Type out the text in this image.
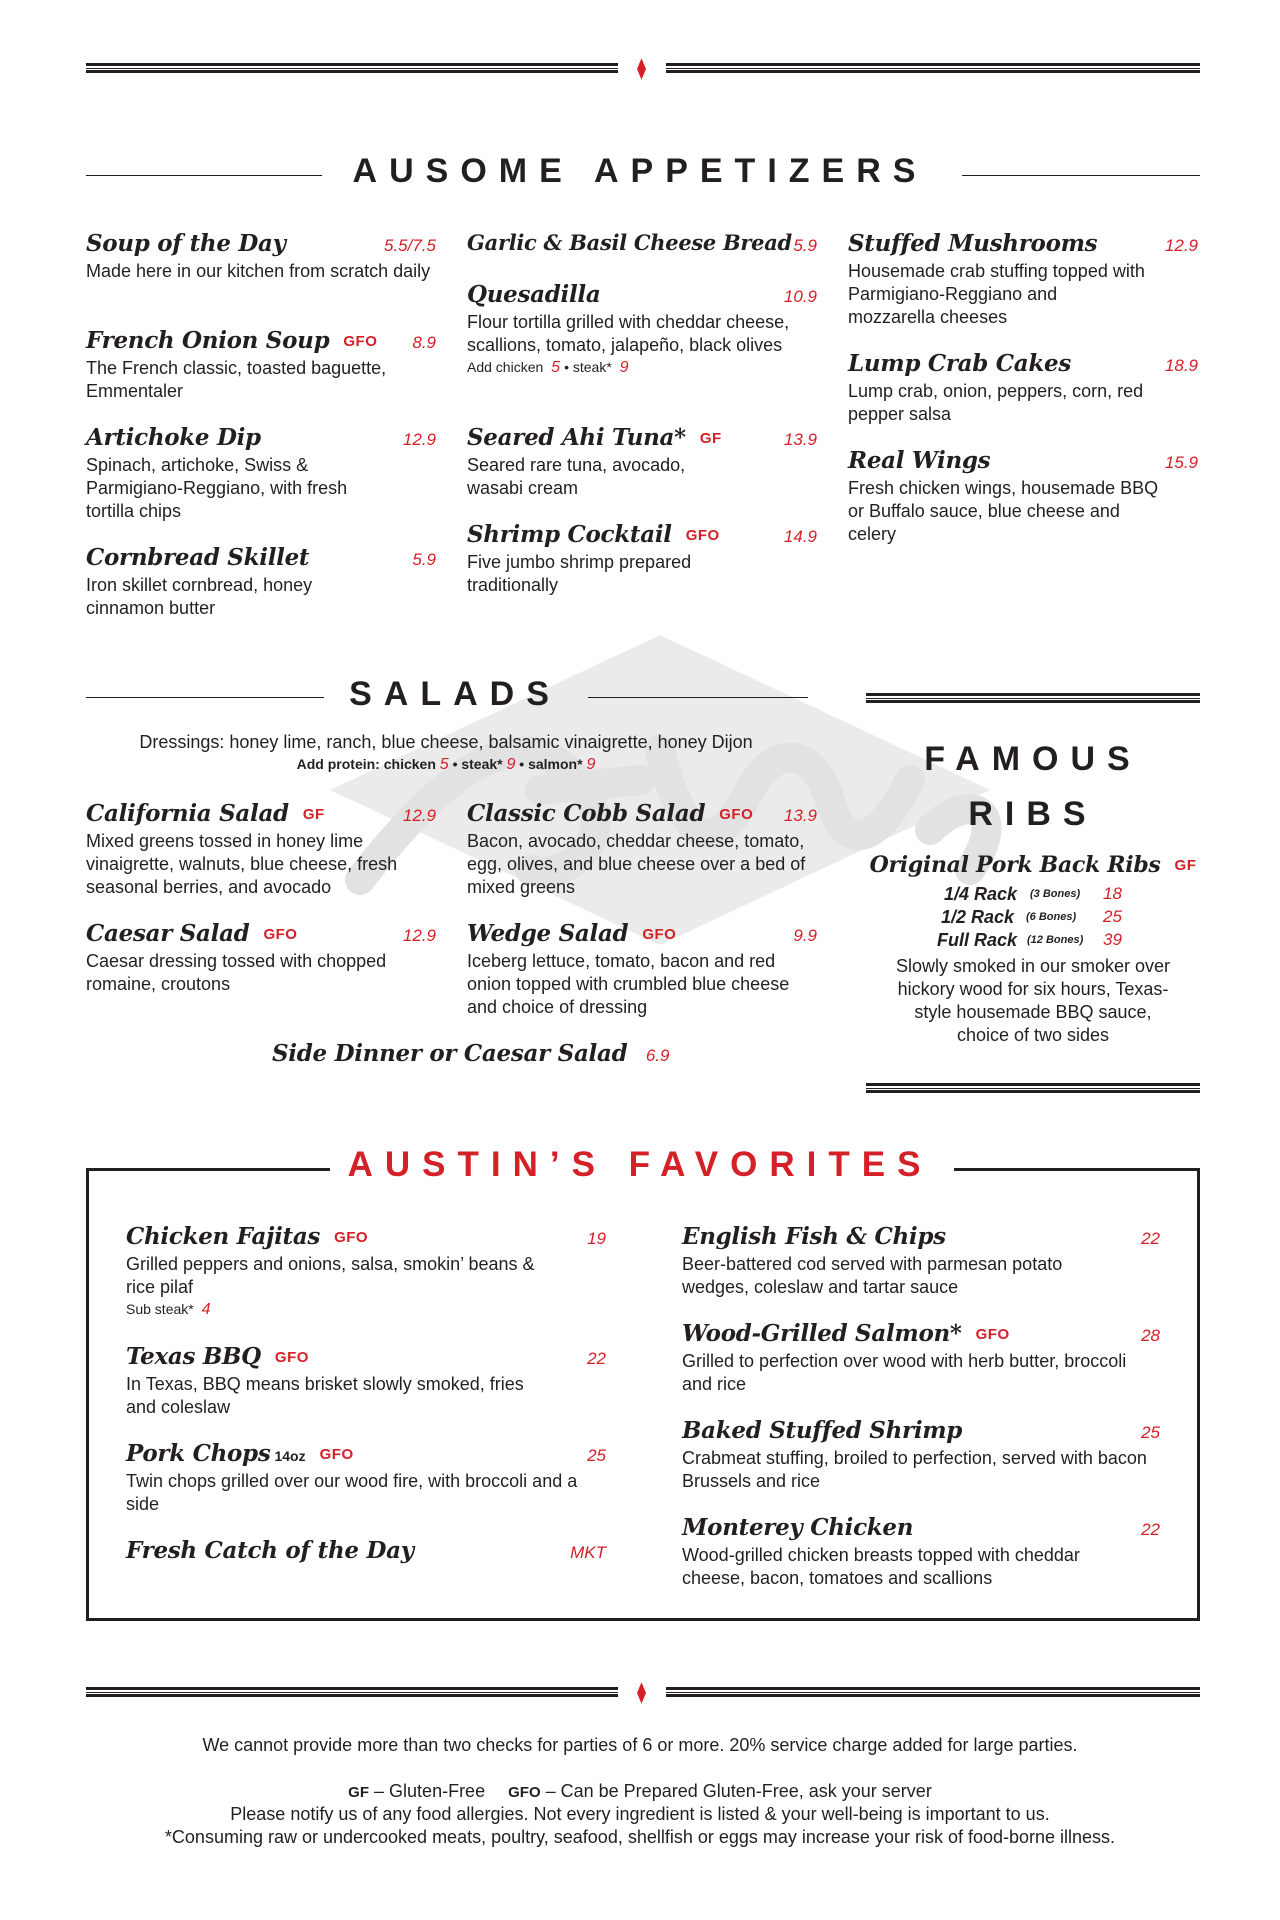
AUSOME APPETIZERS
Soup of the Day	5.5/7.5
Made here in our kitchen from scratch daily
French Onion Soup GFO 8.9
The French classic, toasted baguette, Emmentaler
Artichoke Dip	12.9
Spinach, artichoke, Swiss & Parmigiano-Reggiano, with fresh tortilla chips
Cornbread Skillet	5.9
Iron skillet cornbread, honey cinnamon butter
Garlic & Basil Cheese Bread 5.9
Quesadilla	10.9
Flour tortilla grilled with cheddar cheese, scallions, tomato, jalapeño, black olives
Add chicken 5 • steak* 9
Seared Ahi Tuna* GF	13.9
Seared rare tuna, avocado, wasabi cream
Shrimp Cocktail GFO	14.9
Five jumbo shrimp prepared traditionally
Stuffed Mushrooms	12.9
Housemade crab stuffing topped with Parmigiano-Reggiano and mozzarella cheeses
Lump Crab Cakes	18.9
Lump crab, onion, peppers, corn, red pepper salsa
Real Wings	15.9
Fresh chicken wings, housemade BBQ or Buffalo sauce, blue cheese and celery
SALADS
Dressings: honey lime, ranch, blue cheese, balsamic vinaigrette, honey Dijon
Add protein: chicken 5 • steak* 9 • salmon* 9
California Salad GF	12.9
Mixed greens tossed in honey lime vinaigrette, walnuts, blue cheese, fresh seasonal berries, and avocado
Caesar Salad GFO	12.9
Caesar dressing tossed with chopped romaine, croutons
Classic Cobb Salad GFO 13.9
Bacon, avocado, cheddar cheese, tomato, egg, olives, and blue cheese over a bed of mixed greens
Wedge Salad GFO	9.9
Iceberg lettuce, tomato, bacon and red onion topped with crumbled blue cheese and choice of dressing
Side Dinner or Caesar Salad 6.9
FAMOUS
RIBS
Original Pork Back Ribs GF
1/4 Rack (3 Bones) 18
1/2 Rack (6 Bones) 25
Full Rack (12 Bones) 39
Slowly smoked in our smoker over hickory wood for six hours, Texas-style housemade BBQ sauce, choice of two sides
AUSTIN’S FAVORITES
Chicken Fajitas GFO	19
Grilled peppers and onions, salsa, smokin’ beans & rice pilaf
Sub steak* 4
Texas BBQ GFO	22
In Texas, BBQ means brisket slowly smoked, fries and coleslaw
Pork Chops 14oz GFO	25
Twin chops grilled over our wood fire, with broccoli and a side
Fresh Catch of the Day	MKT
English Fish & Chips	22
Beer-battered cod served with parmesan potato wedges, coleslaw and tartar sauce
Wood-Grilled Salmon* GFO	28
Grilled to perfection over wood with herb butter, broccoli and rice
Baked Stuffed Shrimp	25
Crabmeat stuffing, broiled to perfection, served with bacon Brussels and rice
Monterey Chicken	22
Wood-grilled chicken breasts topped with cheddar cheese, bacon, tomatoes and scallions
We cannot provide more than two checks for parties of 6 or more. 20% service charge added for large parties.
GF – Gluten-Free GFO – Can be Prepared Gluten-Free, ask your server
Please notify us of any food allergies. Not every ingredient is listed & your well-being is important to us.
*Consuming raw or undercooked meats, poultry, seafood, shellfish or eggs may increase your risk of food-borne illness.
